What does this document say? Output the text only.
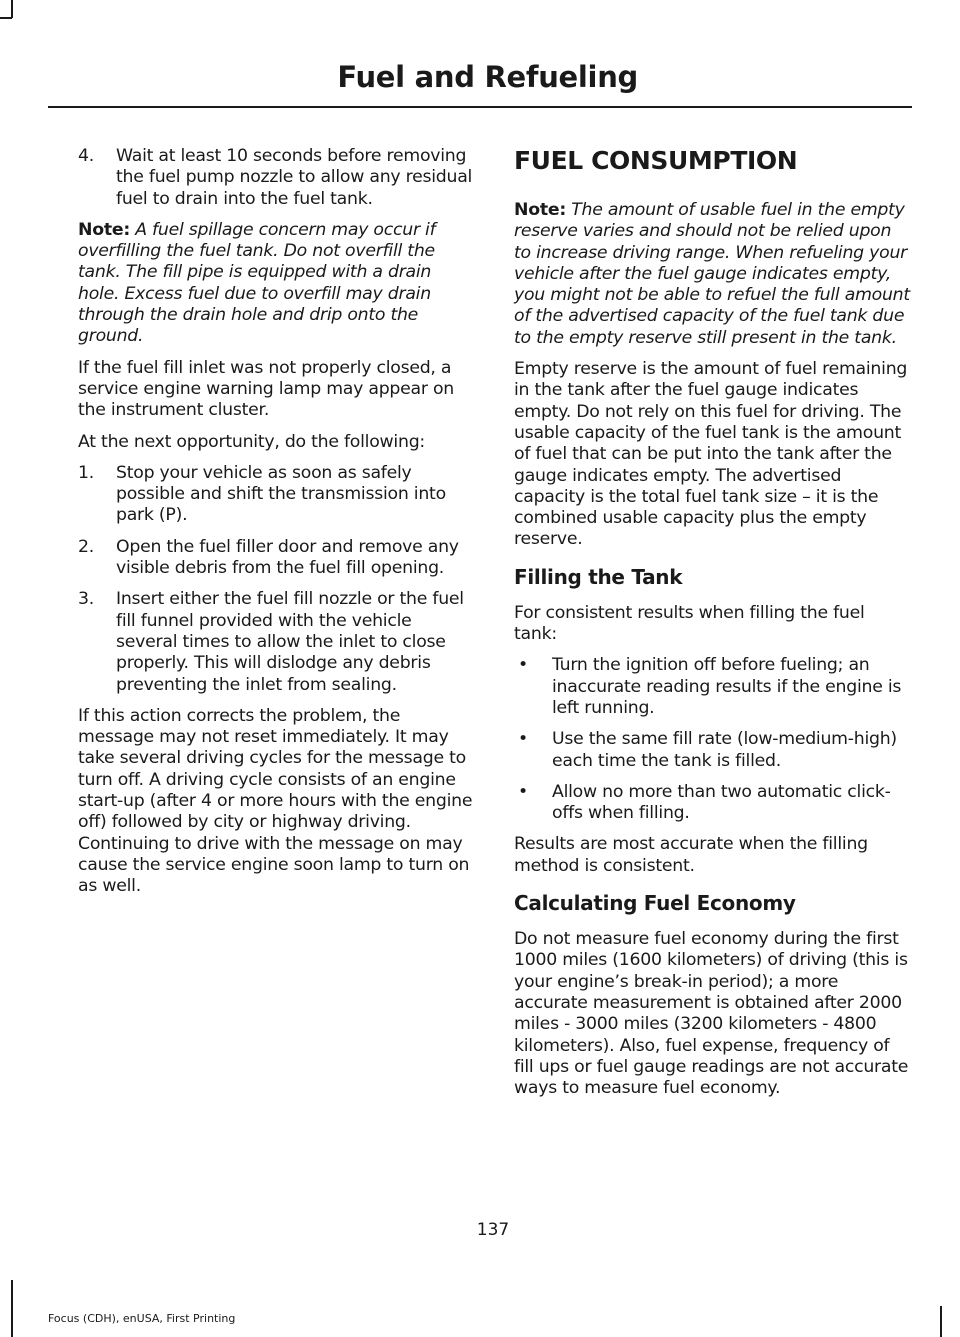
Fuel and Refueling
4. Wait at least 10 seconds before removing the fuel pump nozzle to allow any residual fuel to drain into the fuel tank.

Note: A fuel spillage concern may occur if overfilling the fuel tank. Do not overfill the tank. The fill pipe is equipped with a drain hole. Excess fuel due to overfill may drain through the drain hole and drip onto the ground.

If the fuel fill inlet was not properly closed, a service engine warning lamp may appear on the instrument cluster.

At the next opportunity, do the following:

1. Stop your vehicle as soon as safely possible and shift the transmission into park (P).
2. Open the fuel filler door and remove any visible debris from the fuel fill opening.
3. Insert either the fuel fill nozzle or the fuel fill funnel provided with the vehicle several times to allow the inlet to close properly. This will dislodge any debris preventing the inlet from sealing.

If this action corrects the problem, the message may not reset immediately. It may take several driving cycles for the message to turn off. A driving cycle consists of an engine start-up (after 4 or more hours with the engine off) followed by city or highway driving. Continuing to drive with the message on may cause the service engine soon lamp to turn on as well.

FUEL CONSUMPTION

Note: The amount of usable fuel in the empty reserve varies and should not be relied upon to increase driving range. When refueling your vehicle after the fuel gauge indicates empty, you might not be able to refuel the full amount of the advertised capacity of the fuel tank due to the empty reserve still present in the tank.

Empty reserve is the amount of fuel remaining in the tank after the fuel gauge indicates empty. Do not rely on this fuel for driving. The usable capacity of the fuel tank is the amount of fuel that can be put into the tank after the gauge indicates empty. The advertised capacity is the total fuel tank size – it is the combined usable capacity plus the empty reserve.

Filling the Tank

For consistent results when filling the fuel tank:

• Turn the ignition off before fueling; an inaccurate reading results if the engine is left running.
• Use the same fill rate (low-medium-high) each time the tank is filled.
• Allow no more than two automatic click-offs when filling.

Results are most accurate when the filling method is consistent.

Calculating Fuel Economy

Do not measure fuel economy during the first 1000 miles (1600 kilometers) of driving (this is your engine’s break-in period); a more accurate measurement is obtained after 2000 miles - 3000 miles (3200 kilometers - 4800 kilometers). Also, fuel expense, frequency of fill ups or fuel gauge readings are not accurate ways to measure fuel economy.

137
Focus (CDH), enUSA, First Printing
